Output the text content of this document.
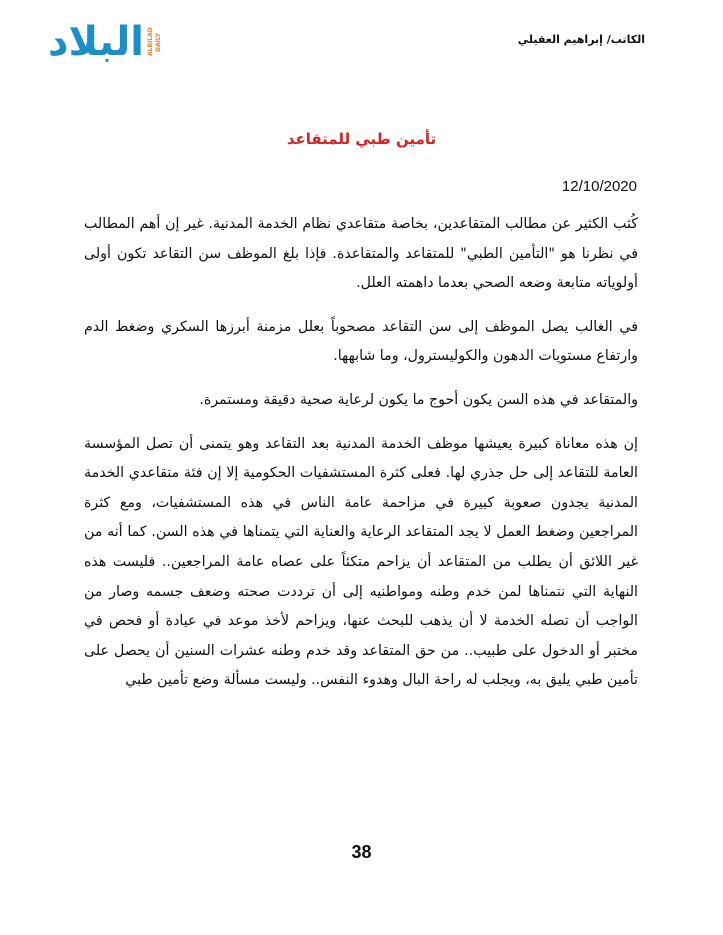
البلاد ALBILAD DAILY	الكاتب/ إبراهيم العقيلي
تأمين طبي للمتقاعد
12/10/2020

كُثب الكثير عن مطالب المتقاعدين، بخاصة متقاعدي نظام الخدمة المدنية. غير إن أهم المطالب في نظرنا هو "التأمين الطبي" للمتقاعد والمتقاعدة. فإذا بلغ الموظف سن التقاعد تكون أولى أولوياته متابعة وضعه الصحي بعدما داهمته العلل.

في الغالب يصل الموظف إلى سن التقاعد مصحوباً بعلل مزمنة أبرزها السكري وضغط الدم وارتفاع مستويات الدهون والكوليسترول، وما شابهها.

والمتقاعد في هذه السن يكون أحوج ما يكون لرعاية صحية دقيقة ومستمرة.

إن هذه معاناة كبيرة يعيشها موظف الخدمة المدنية بعد التقاعد وهو يتمنى أن تصل المؤسسة العامة للتقاعد إلى حل جذري لها. فعلى كثرة المستشفيات الحكومية إلا إن فئة متقاعدي الخدمة المدنية يجدون صعوبة كبيرة في مزاحمة عامة الناس في هذه المستشفيات، ومع كثرة المراجعين وضغط العمل لا يجد المتقاعد الرعاية والعناية التي يتمناها في هذه السن. كما أنه من غير اللائق أن يطلب من المتقاعد أن يزاحم متكئاً على عصاه عامة المراجعين.. فليست هذه النهاية التي نتمناها لمن خدم وطنه ومواطنيه إلى أن ترددت صحته وضعف جسمه وصار من الواجب أن تصله الخدمة لا أن يذهب للبحث عنها، ويزاحم لأخذ موعد في عيادة أو فحص في مختبر أو الدخول على طبيب.. من حق المتقاعد وقد خدم وطنه عشرات السنين أن يحصل على تأمين طبي يليق به، ويجلب له راحة البال وهدوء النفس.. وليست مسألة وضع تأمين طبي

38
